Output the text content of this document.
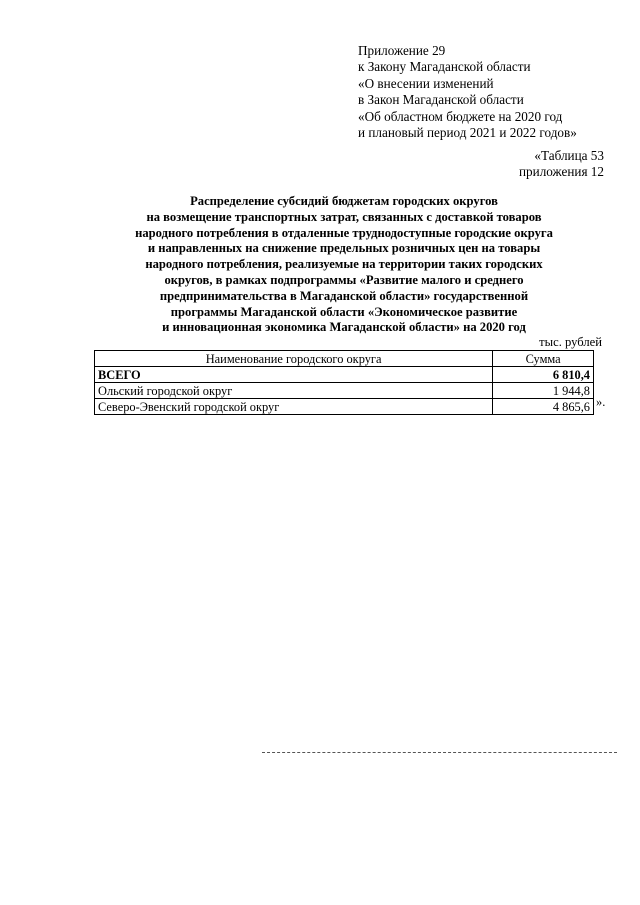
Приложение 29
к Закону Магаданской области
«О внесении изменений
в Закон Магаданской области
«Об областном бюджете на 2020 год
и плановый период 2021 и 2022 годов»
«Таблица 53
приложения 12
Распределение субсидий бюджетам городских округов
на возмещение транспортных затрат, связанных с доставкой товаров
народного потребления в отдаленные труднодоступные городские округа
и направленных на снижение предельных розничных цен на товары
народного потребления, реализуемые на территории таких городских
округов, в рамках подпрограммы «Развитие малого и среднего
предпринимательства в Магаданской области» государственной
программы Магаданской области «Экономическое развитие
и инновационная экономика Магаданской области» на 2020 год
тыс. рублей
Наименование городского округа	Сумма
ВСЕГО	6 810,4
Ольский городской округ	1 944,8
Северо-Эвенский городской округ	4 865,6 ».
